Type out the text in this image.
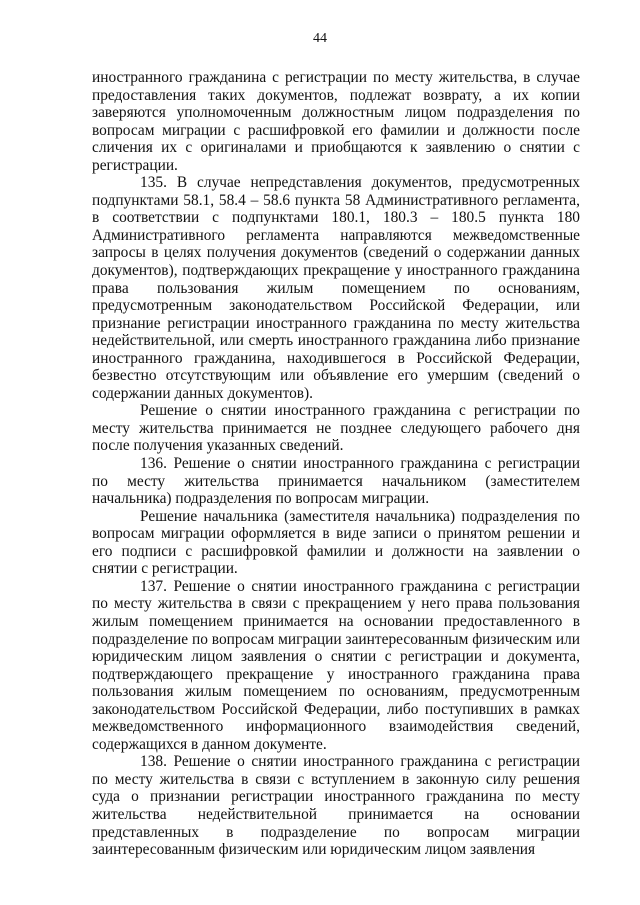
44

иностранного гражданина с регистрации по месту жительства, в случае предоставления таких документов, подлежат возврату, а их копии заверяются уполномоченным должностным лицом подразделения по вопросам миграции с расшифровкой его фамилии и должности после сличения их с оригиналами и приобщаются к заявлению о снятии с регистрации.

135. В случае непредставления документов, предусмотренных подпунктами 58.1, 58.4 – 58.6 пункта 58 Административного регламента, в соответствии с подпунктами 180.1, 180.3 – 180.5 пункта 180 Административного регламента направляются межведомственные запросы в целях получения документов (сведений о содержании данных документов), подтверждающих прекращение у иностранного гражданина права пользования жилым помещением по основаниям, предусмотренным законодательством Российской Федерации, или признание регистрации иностранного гражданина по месту жительства недействительной, или смерть иностранного гражданина либо признание иностранного гражданина, находившегося в Российской Федерации, безвестно отсутствующим или объявление его умершим (сведений о содержании данных документов).

Решение о снятии иностранного гражданина с регистрации по месту жительства принимается не позднее следующего рабочего дня после получения указанных сведений.

136. Решение о снятии иностранного гражданина с регистрации по месту жительства принимается начальником (заместителем начальника) подразделения по вопросам миграции.

Решение начальника (заместителя начальника) подразделения по вопросам миграции оформляется в виде записи о принятом решении и его подписи с расшифровкой фамилии и должности на заявлении о снятии с регистрации.

137. Решение о снятии иностранного гражданина с регистрации по месту жительства в связи с прекращением у него права пользования жилым помещением принимается на основании предоставленного в подразделение по вопросам миграции заинтересованным физическим или юридическим лицом заявления о снятии с регистрации и документа, подтверждающего прекращение у иностранного гражданина права пользования жилым помещением по основаниям, предусмотренным законодательством Российской Федерации, либо поступивших в рамках межведомственного информационного взаимодействия сведений, содержащихся в данном документе.

138. Решение о снятии иностранного гражданина с регистрации по месту жительства в связи с вступлением в законную силу решения суда о признании регистрации иностранного гражданина по месту жительства недействительной принимается на основании представленных в подразделение по вопросам миграции заинтересованным физическим или юридическим лицом заявления
